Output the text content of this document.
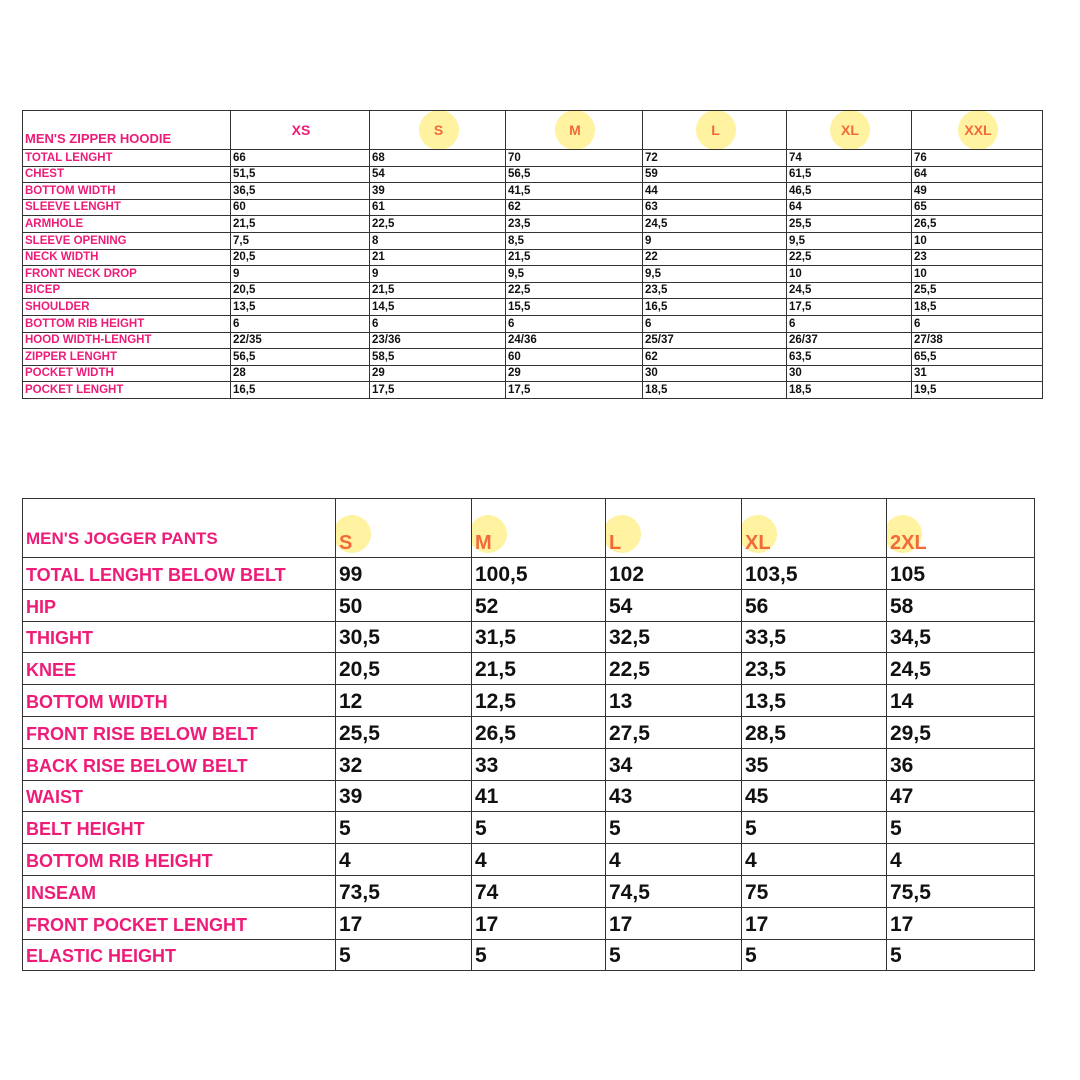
MEN'S ZIPPER HOODIE	XS	S	M	L	XL	XXL
TOTAL LENGHT	66	68	70	72	74	76
CHEST	51,5	54	56,5	59	61,5	64
BOTTOM WIDTH	36,5	39	41,5	44	46,5	49
SLEEVE LENGHT	60	61	62	63	64	65
ARMHOLE	21,5	22,5	23,5	24,5	25,5	26,5
SLEEVE OPENING	7,5	8	8,5	9	9,5	10
NECK WIDTH	20,5	21	21,5	22	22,5	23
FRONT NECK DROP	9	9	9,5	9,5	10	10
BICEP	20,5	21,5	22,5	23,5	24,5	25,5
SHOULDER	13,5	14,5	15,5	16,5	17,5	18,5
BOTTOM RIB HEIGHT	6	6	6	6	6	6
HOOD WIDTH-LENGHT	22/35	23/36	24/36	25/37	26/37	27/38
ZIPPER LENGHT	56,5	58,5	60	62	63,5	65,5
POCKET WIDTH	28	29	29	30	30	31
POCKET LENGHT	16,5	17,5	17,5	18,5	18,5	19,5
MEN'S JOGGER PANTS	S	M	L	XL	2XL
TOTAL LENGHT BELOW BELT	99	100,5	102	103,5	105
HIP	50	52	54	56	58
THIGHT	30,5	31,5	32,5	33,5	34,5
KNEE	20,5	21,5	22,5	23,5	24,5
BOTTOM WIDTH	12	12,5	13	13,5	14
FRONT RISE BELOW BELT	25,5	26,5	27,5	28,5	29,5
BACK RISE BELOW BELT	32	33	34	35	36
WAIST	39	41	43	45	47
BELT HEIGHT	5	5	5	5	5
BOTTOM RIB HEIGHT	4	4	4	4	4
INSEAM	73,5	74	74,5	75	75,5
FRONT POCKET LENGHT	17	17	17	17	17
ELASTIC HEIGHT	5	5	5	5	5
